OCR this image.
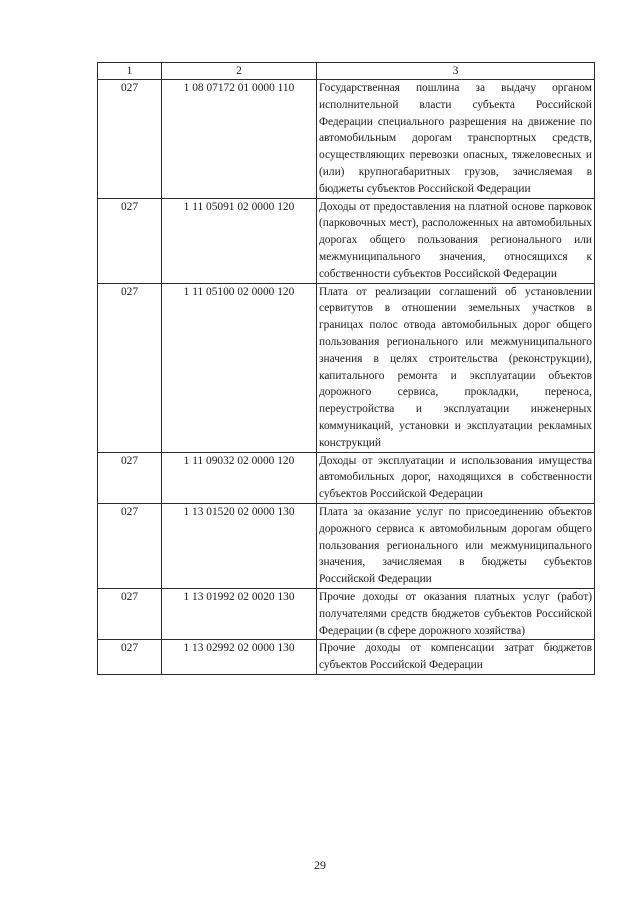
1	2	3
027	1 08 07172 01 0000 110	Государственная пошлина за выдачу органом исполнительной власти субъекта Российской Федерации специального разрешения на движение по автомобильным дорогам транспортных средств, осуществляющих перевозки опасных, тяжеловесных и (или) крупногабаритных грузов, зачисляемая в бюджеты субъектов Российской Федерации
027	1 11 05091 02 0000 120	Доходы от предоставления на платной основе парковок (парковочных мест), расположенных на автомобильных дорогах общего пользования регионального или межмуниципального значения, относящихся к собственности субъектов Российской Федерации
027	1 11 05100 02 0000 120	Плата от реализации соглашений об установлении сервитутов в отношении земельных участков в границах полос отвода автомобильных дорог общего пользования регионального или межмуниципального значения в целях строительства (реконструкции), капитального ремонта и эксплуатации объектов дорожного сервиса, прокладки, переноса, переустройства и эксплуатации инженерных коммуникаций, установки и эксплуатации рекламных конструкций
027	1 11 09032 02 0000 120	Доходы от эксплуатации и использования имущества автомобильных дорог, находящихся в собственности субъектов Российской Федерации
027	1 13 01520 02 0000 130	Плата за оказание услуг по присоединению объектов дорожного сервиса к автомобильным дорогам общего пользования регионального или межмуниципального значения, зачисляемая в бюджеты субъектов Российской Федерации
027	1 13 01992 02 0020 130	Прочие доходы от оказания платных услуг (работ) получателями средств бюджетов субъектов Российской Федерации (в сфере дорожного хозяйства)
027	1 13 02992 02 0000 130	Прочие доходы от компенсации затрат бюджетов субъектов Российской Федерации
29
